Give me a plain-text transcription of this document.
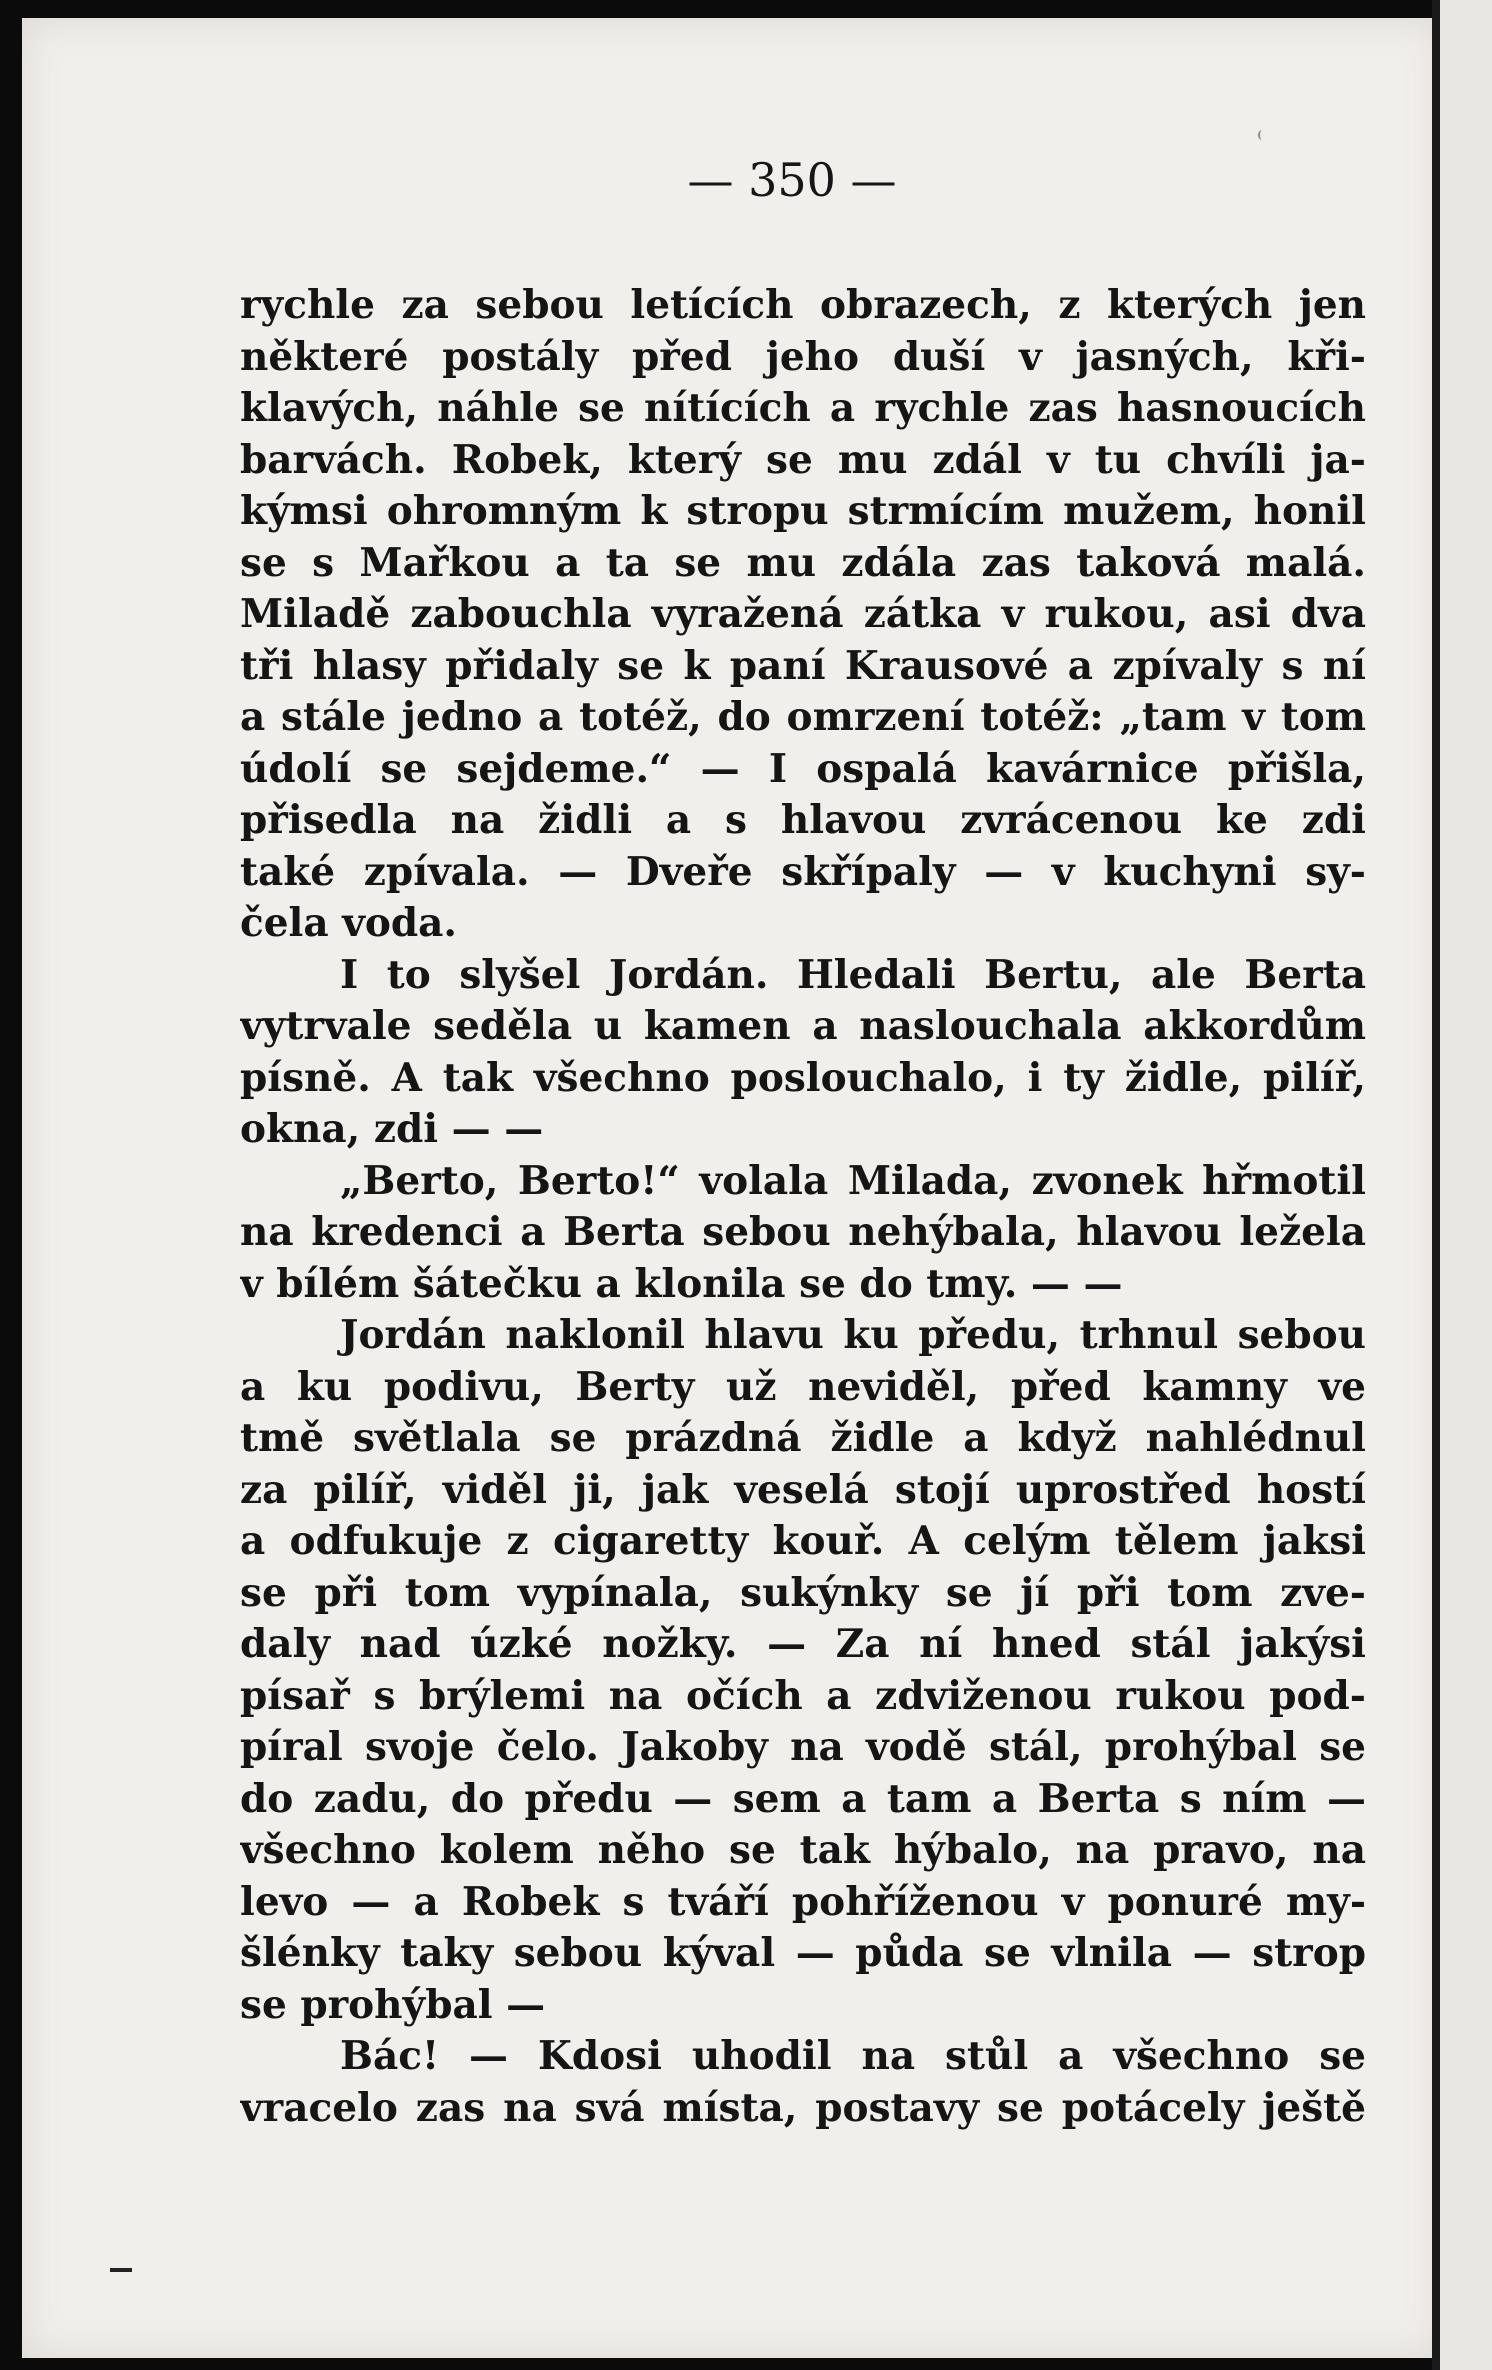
— 350 —
rychle za sebou letících obrazech, z kterých jen
některé postály před jeho duší v jasných, kři-
klavých, náhle se nítících a rychle zas hasnoucích
barvách. Robek, který se mu zdál v tu chvíli ja-
kýmsi ohromným k stropu strmícím mužem, honil
se s Mařkou a ta se mu zdála zas taková malá.
Miladě zabouchla vyražená zátka v rukou, asi dva
tři hlasy přidaly se k paní Krausové a zpívaly s ní
a stále jedno a totéž, do omrzení totéž: „tam v tom
údolí se sejdeme.“ — I ospalá kavárnice přišla,
přisedla na židli a s hlavou zvrácenou ke zdi
také zpívala. — Dveře skřípaly — v kuchyni sy-
čela voda.
I to slyšel Jordán. Hledali Bertu, ale Berta
vytrvale seděla u kamen a naslouchala akkordům
písně. A tak všechno poslouchalo, i ty židle, pilíř,
okna, zdi — —
„Berto, Berto!“ volala Milada, zvonek hřmotil
na kredenci a Berta sebou nehýbala, hlavou ležela
v bílém šátečku a klonila se do tmy. — —
Jordán naklonil hlavu ku předu, trhnul sebou
a ku podivu, Berty už neviděl, před kamny ve
tmě světlala se prázdná židle a když nahlédnul
za pilíř, viděl ji, jak veselá stojí uprostřed hostí
a odfukuje z cigaretty kouř. A celým tělem jaksi
se při tom vypínala, sukýnky se jí při tom zve-
daly nad úzké nožky. — Za ní hned stál jakýsi
písař s brýlemi na očích a zdviženou rukou pod-
píral svoje čelo. Jakoby na vodě stál, prohýbal se
do zadu, do předu — sem a tam a Berta s ním —
všechno kolem něho se tak hýbalo, na pravo, na
levo — a Robek s tváří pohříženou v ponuré my-
šlénky taky sebou kýval — půda se vlnila — strop
se prohýbal —
Bác! — Kdosi uhodil na stůl a všechno se
vracelo zas na svá místa, postavy se potácely ještě
